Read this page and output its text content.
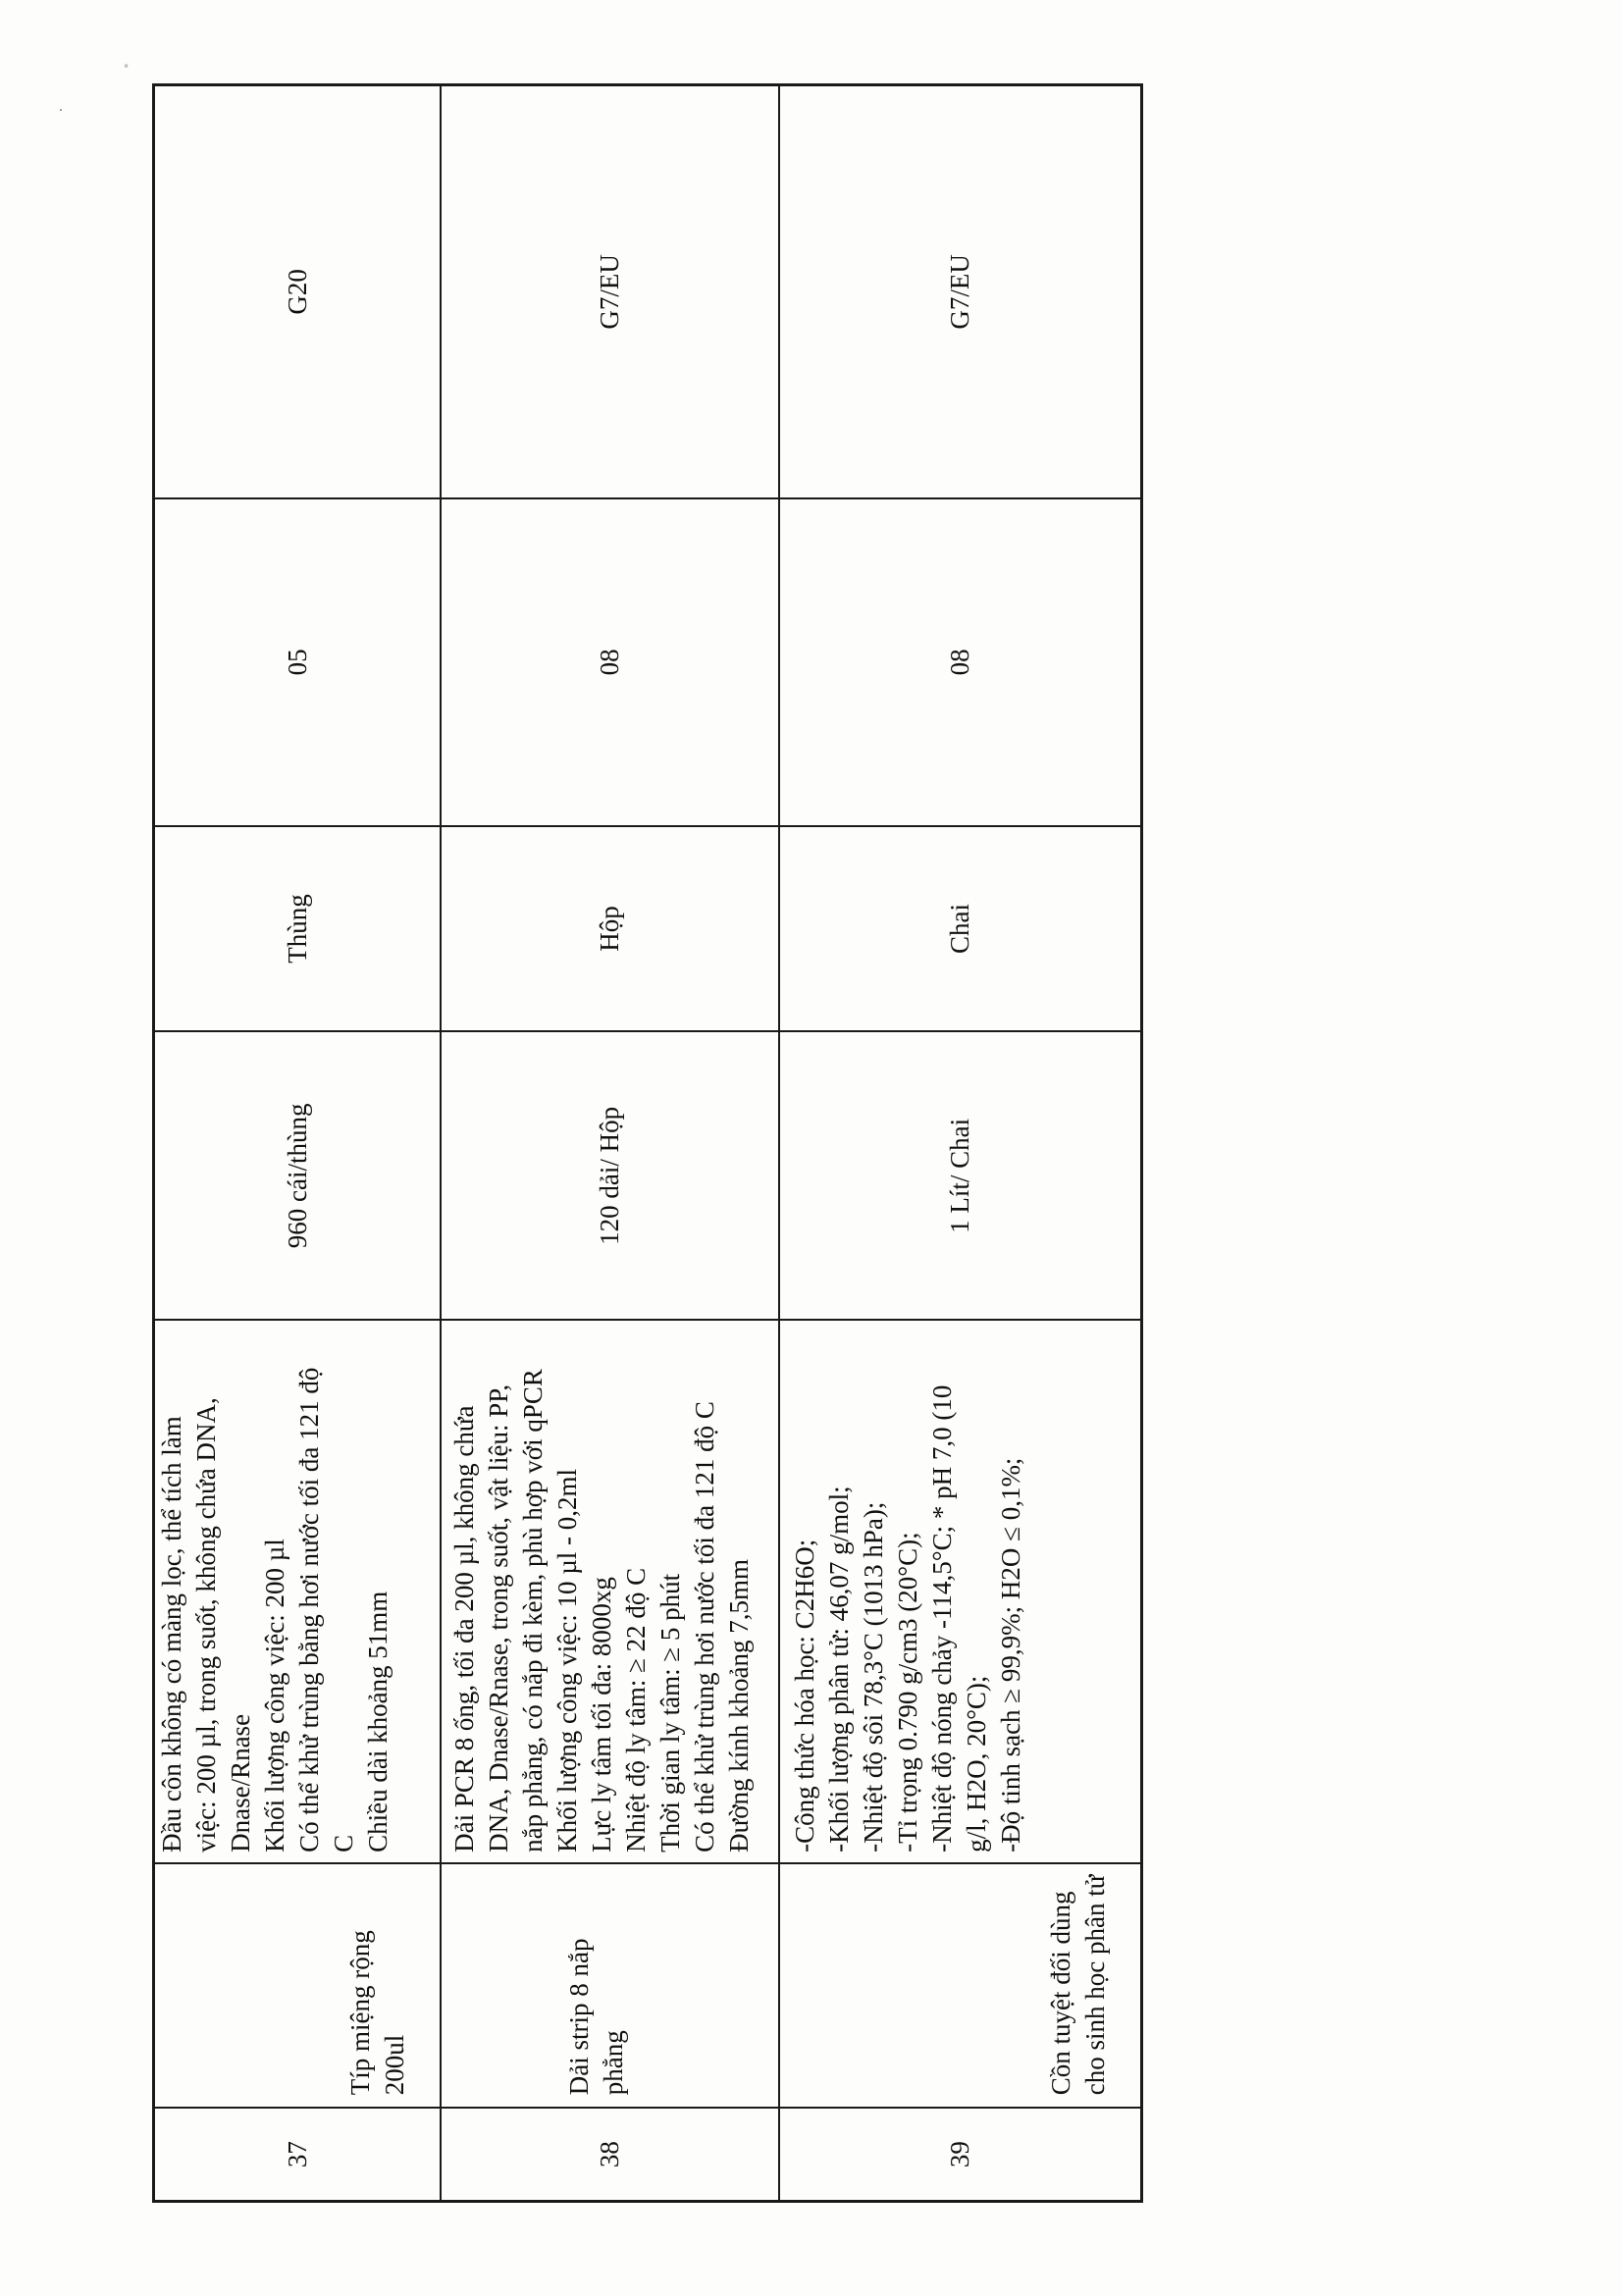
˚
.
37
Típ miệng rộng 200ul
Đầu côn không có màng lọc, thể tích làm việc: 200 µl, trong suốt, không chứa DNA, Dnase/Rnase Khối lượng công việc: 200 µl Có thể khử trùng bằng hơi nước tối đa 121 độ C Chiều dài khoảng 51mm
960 cái/thùng
Thùng
05
G20
38
Dải strip 8 nắp phẳng
Dải PCR 8 ống, tối đa 200 µl, không chứa DNA, Dnase/Rnase, trong suốt, vật liệu: PP, nắp phẳng, có nắp đi kèm, phù hợp với qPCR Khối lượng công việc: 10 µl - 0,2ml Lực ly tâm tối đa: 8000xg Nhiệt độ ly tâm: ≥ 22 độ C Thời gian ly tâm: ≥ 5 phút Có thể khử trùng hơi nước tối đa 121 độ C Đường kính khoảng 7,5mm
120 dải/ Hộp
Hộp
08
G7/EU
39
Cồn tuyệt đối dùng cho sinh học phân tử
-Công thức hóa học: C2H6O; -Khối lượng phân tử: 46,07 g/mol; -Nhiệt độ sôi 78,3°C (1013 hPa); -Tỉ trọng 0.790 g/cm3 (20°C); -Nhiệt độ nóng chảy -114,5°C; * pH 7,0 (10 g/l, H2O, 20°C); -Độ tinh sạch ≥ 99,9%; H2O ≤ 0,1%;
1 Lít/ Chai
Chai
08
G7/EU
